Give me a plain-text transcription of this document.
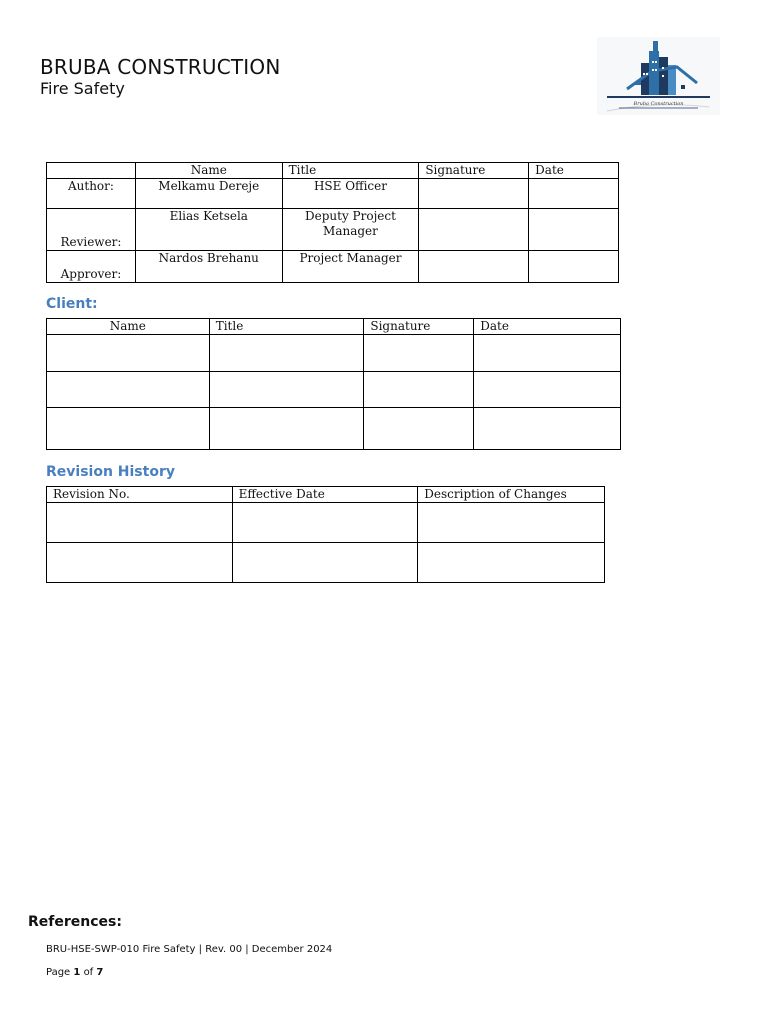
BRUBA CONSTRUCTION
Fire Safety
Bruba Construction
	Name	Title	Signature	Date
Author:	Melkamu Dereje	HSE Officer		
Reviewer:	Elias Ketsela	Deputy Project Manager		
Approver:	Nardos Brehanu	Project Manager		
Client:
Name	Title	Signature	Date

Revision History
Revision No.	Effective Date	Description of Changes

References:
BRU-HSE-SWP-010 Fire Safety | Rev. 00 | December 2024
Page 1 of 7
